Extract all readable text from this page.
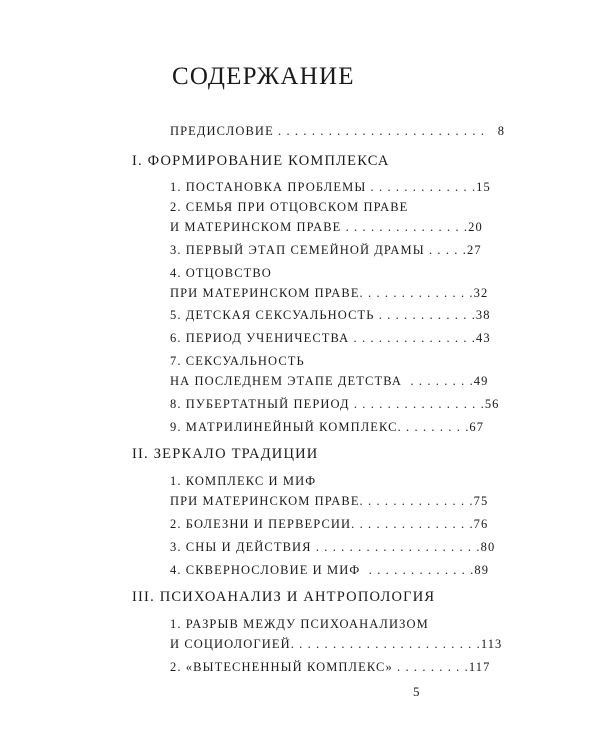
СОДЕРЖАНИЕ
ПРЕДИСЛОВИЕ . . . . . . . . . . . . . . . . . . . . . . . . .   8
I. ФОРМИРОВАНИЕ КОМПЛЕКСА
1. ПОСТАНОВКА ПРОБЛЕМЫ . . . . . . . . . . . . .15
2. СЕМЬЯ ПРИ ОТЦОВСКОМ ПРАВЕ
И МАТЕРИНСКОМ ПРАВЕ . . . . . . . . . . . . . . .20
3. ПЕРВЫЙ ЭТАП СЕМЕЙНОЙ ДРАМЫ . . . . .27
4. ОТЦОВСТВО
ПРИ МАТЕРИНСКОМ ПРАВЕ. . . . . . . . . . . . . .32
5. ДЕТСКАЯ СЕКСУАЛЬНОСТЬ . . . . . . . . . . . .38
6. ПЕРИОД УЧЕНИЧЕСТВА . . . . . . . . . . . . . . .43
7. СЕКСУАЛЬНОСТЬ
НА ПОСЛЕДНЕМ ЭТАПЕ ДЕТСТВА  . . . . . . . .49
8. ПУБЕРТАТНЫЙ ПЕРИОД . . . . . . . . . . . . . . . .56
9. МАТРИЛИНЕЙНЫЙ КОМПЛЕКС. . . . . . . . .67
II. ЗЕРКАЛО ТРАДИЦИИ
1. КОМПЛЕКС И МИФ
ПРИ МАТЕРИНСКОМ ПРАВЕ. . . . . . . . . . . . . .75
2. БОЛЕЗНИ И ПЕРВЕРСИИ. . . . . . . . . . . . . . .76
3. СНЫ И ДЕЙСТВИЯ . . . . . . . . . . . . . . . . . . . .80
4. СКВЕРНОСЛОВИЕ И МИФ  . . . . . . . . . . . . .89
III. ПСИХОАНАЛИЗ И АНТРОПОЛОГИЯ
1. РАЗРЫВ МЕЖДУ ПСИХОАНАЛИЗОМ
И СОЦИОЛОГИЕЙ. . . . . . . . . . . . . . . . . . . . . . .113
2. «ВЫТЕСНЕННЫЙ КОМПЛЕКС» . . . . . . . . .117
5
